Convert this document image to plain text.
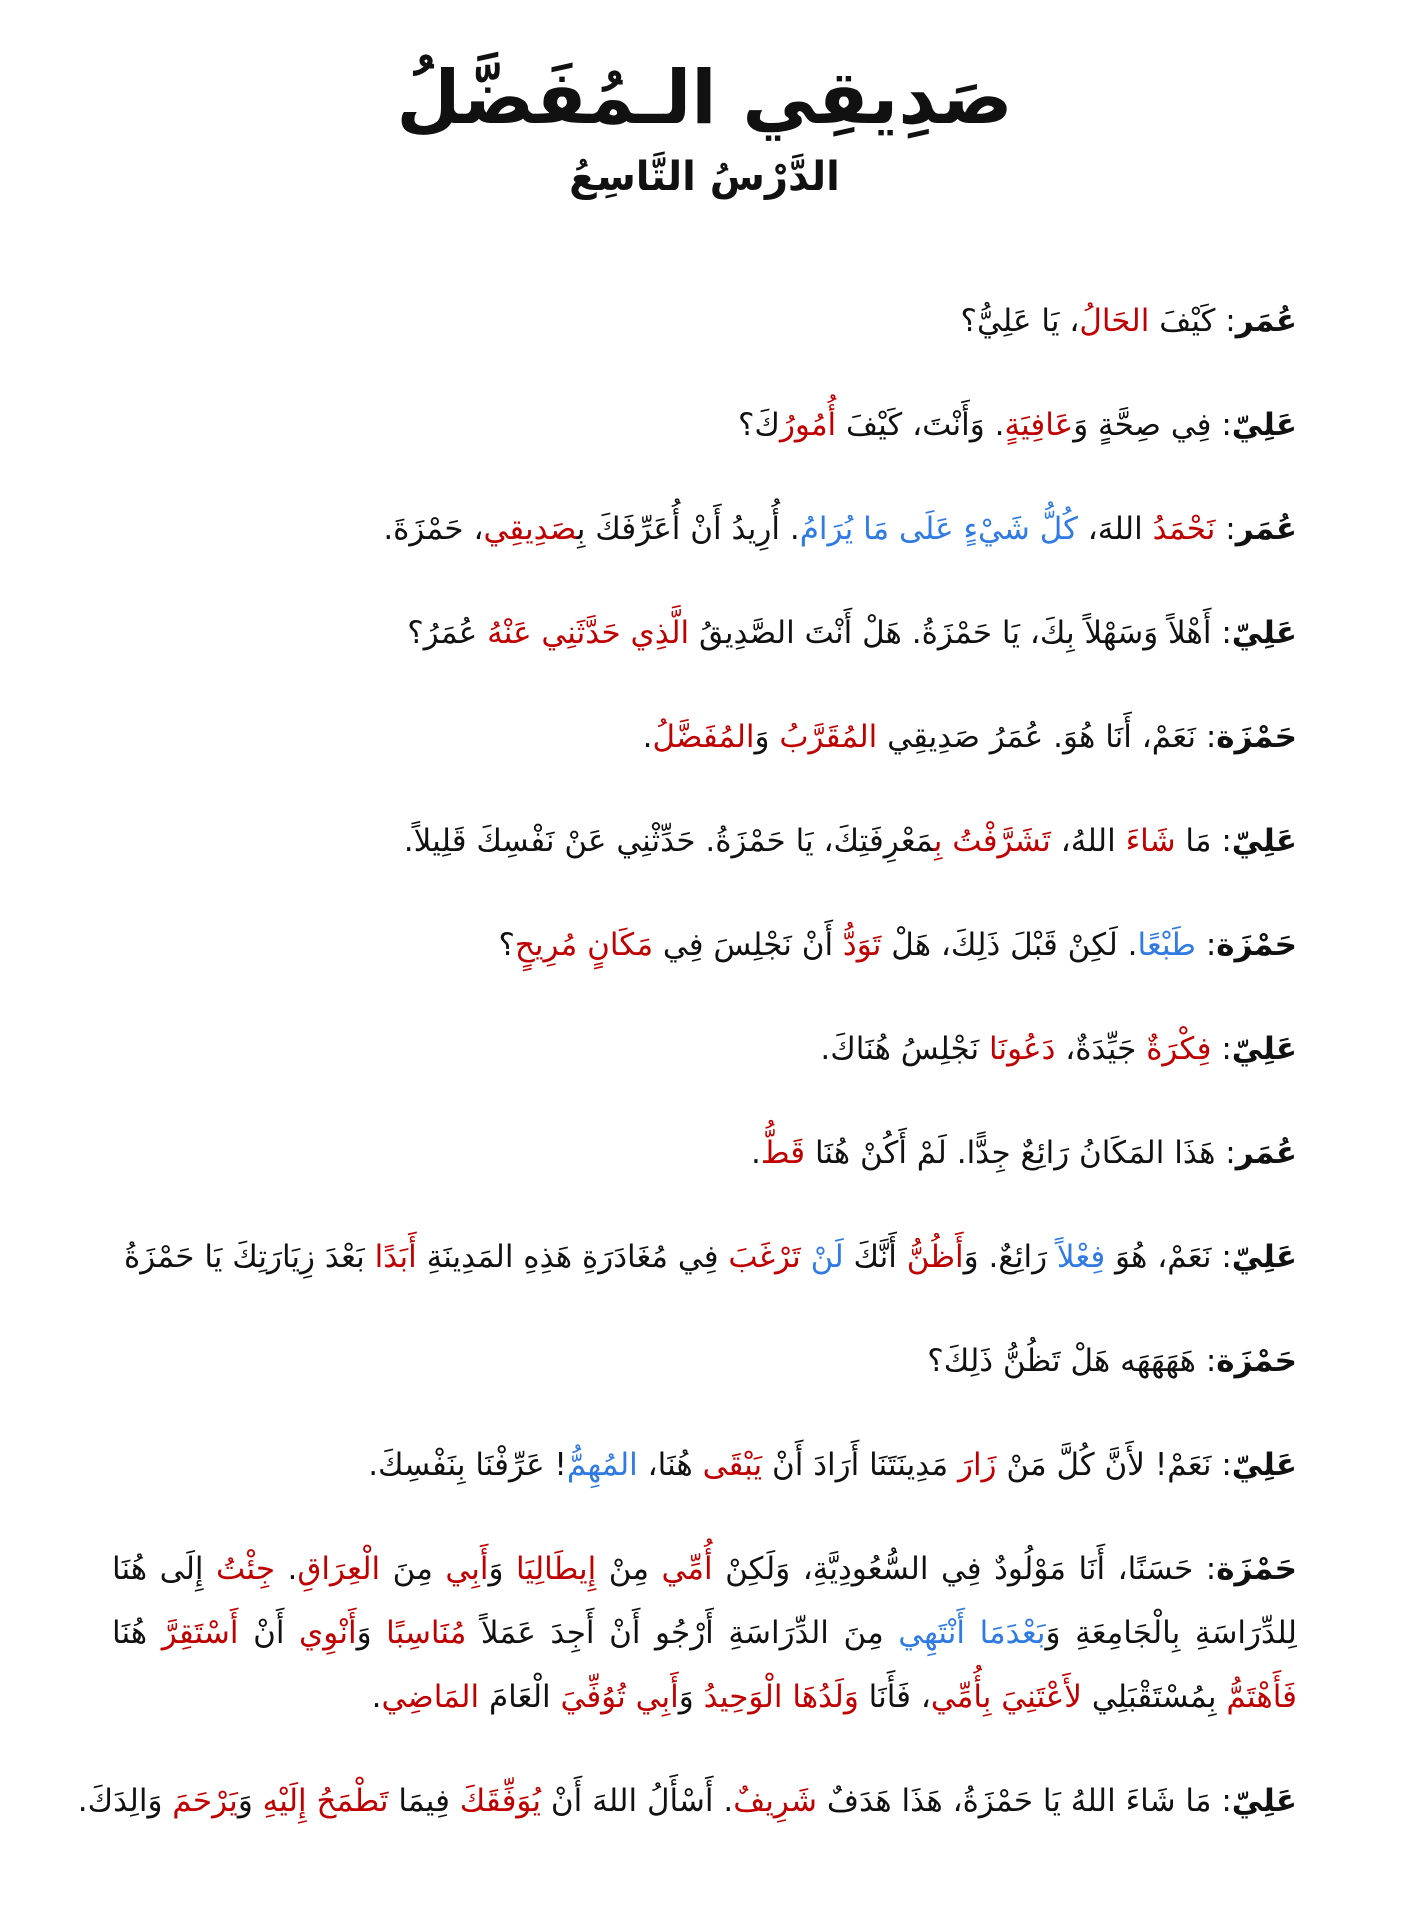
صَدِيقِي الـمُفَضَّلُ
الدَّرْسُ التَّاسِعُ

عُمَر: كَيْفَ الحَالُ، يَا عَلِيُّ؟

عَلِيّ: فِي صِحَّةٍ وَعَافِيَةٍ. وَأَنْتَ، كَيْفَ أُمُورُكَ؟

عُمَر: نَحْمَدُ اللهَ، كُلُّ شَيْءٍ عَلَى مَا يُرَامُ. أُرِيدُ أَنْ أُعَرِّفَكَ بِصَدِيقِي، حَمْزَةَ.

عَلِيّ: أَهْلاً وَسَهْلاً بِكَ، يَا حَمْزَةُ. هَلْ أَنْتَ الصَّدِيقُ الَّذِي حَدَّثَنِي عَنْهُ عُمَرُ؟

حَمْزَة: نَعَمْ، أَنَا هُوَ. عُمَرُ صَدِيقِي المُقَرَّبُ وَالمُفَضَّلُ.

عَلِيّ: مَا شَاءَ اللهُ، تَشَرَّفْتُ بِمَعْرِفَتِكَ، يَا حَمْزَةُ. حَدِّثْنِي عَنْ نَفْسِكَ قَلِيلاً.

حَمْزَة: طَبْعًا. لَكِنْ قَبْلَ ذَلِكَ، هَلْ تَوَدُّ أَنْ نَجْلِسَ فِي مَكَانٍ مُرِيحٍ؟

عَلِيّ: فِكْرَةٌ جَيِّدَةٌ، دَعُونَا نَجْلِسُ هُنَاكَ.

عُمَر: هَذَا المَكَانُ رَائِعٌ جِدًّا. لَمْ أَكُنْ هُنَا قَطُّ.

عَلِيّ: نَعَمْ، هُوَ فِعْلاً رَائِعٌ. وَأَظُنُّ أَنَّكَ لَنْ تَرْغَبَ فِي مُغَادَرَةِ هَذِهِ المَدِينَةِ أَبَدًا بَعْدَ زِيَارَتِكَ يَا حَمْزَةُ

حَمْزَة: هَهَهَهَه هَلْ تَظُنُّ ذَلِكَ؟

عَلِيّ: نَعَمْ! لأَنَّ كُلَّ مَنْ زَارَ مَدِينَتَنَا أَرَادَ أَنْ يَبْقَى هُنَا، المُهِمُّ! عَرِّفْنَا بِنَفْسِكَ.

حَمْزَة: حَسَنًا، أَنَا مَوْلُودٌ فِي السُّعُودِيَّةِ، وَلَكِنْ أُمِّي مِنْ إِيطَالِيَا وَأَبِي مِنَ الْعِرَاقِ. جِئْتُ إِلَى هُنَا لِلدِّرَاسَةِ بِالْجَامِعَةِ وَبَعْدَمَا أَنْتَهِي مِنَ الدِّرَاسَةِ أَرْجُو أَنْ أَجِدَ عَمَلاً مُنَاسِبًا وَأَنْوِي أَنْ أَسْتَقِرَّ هُنَا فَأَهْتَمُّ بِمُسْتَقْبَلِي لأَعْتَنِيَ بِأُمِّي، فَأَنَا وَلَدُهَا الْوَحِيدُ وَأَبِي تُوُفِّيَ الْعَامَ المَاضِي.

عَلِيّ: مَا شَاءَ اللهُ يَا حَمْزَةُ، هَذَا هَدَفٌ شَرِيفٌ. أَسْأَلُ اللهَ أَنْ يُوَفِّقَكَ فِيمَا تَطْمَحُ إِلَيْهِ وَيَرْحَمَ وَالِدَكَ.
